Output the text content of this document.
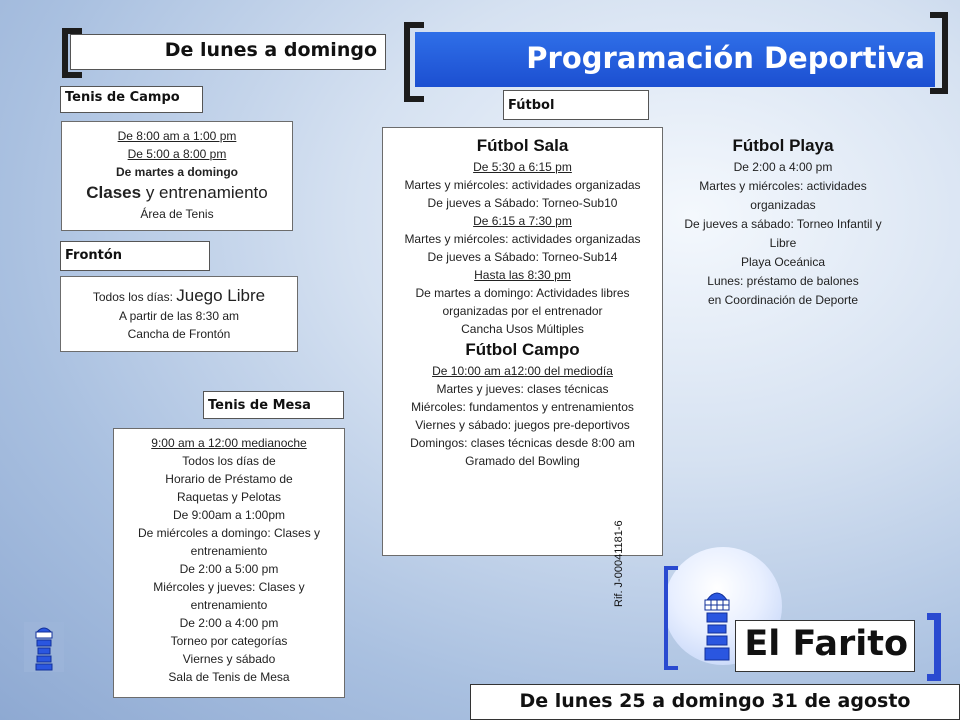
De lunes a domingo	Programación Deportiva
Tenis de Campo
De 8:00 am a 1:00 pm
De 5:00 a 8:00 pm
De martes a domingo
Clases y entrenamiento
Área de Tenis
Frontón
Todos los días: Juego Libre
A partir de las 8:30 am
Cancha de Frontón
Tenis de Mesa
9:00 am a 12:00 medianoche
Todos los días de
Horario de Préstamo de
Raquetas y Pelotas
De 9:00am a 1:00pm
De miércoles a domingo: Clases y
entrenamiento
De 2:00 a 5:00 pm
Miércoles y jueves: Clases y
entrenamiento
De 2:00 a 4:00 pm
Torneo por categorías
Viernes y sábado
Sala de Tenis de Mesa
Fútbol
Fútbol Sala
De 5:30 a 6:15 pm
Martes y miércoles: actividades organizadas
De jueves a Sábado: Torneo-Sub10
De 6:15 a 7:30 pm
Martes y miércoles: actividades organizadas
De jueves a Sábado: Torneo-Sub14
Hasta las 8:30 pm
De martes a domingo: Actividades libres
organizadas por el entrenador
Cancha Usos Múltiples
Fútbol Campo
De 10:00 am a12:00 del mediodía
Martes y jueves: clases técnicas
Miércoles: fundamentos y entrenamientos
Viernes y sábado: juegos pre-deportivos
Domingos: clases técnicas desde 8:00 am
Gramado del Bowling
Fútbol Playa
De 2:00 a 4:00 pm
Martes y miércoles: actividades
organizadas
De jueves a sábado: Torneo Infantil y
Libre
Playa Oceánica
Lunes: préstamo de balones
en Coordinación de Deporte
Rif. J-00041181-6
El Farito
De lunes 25 a domingo 31 de agosto
